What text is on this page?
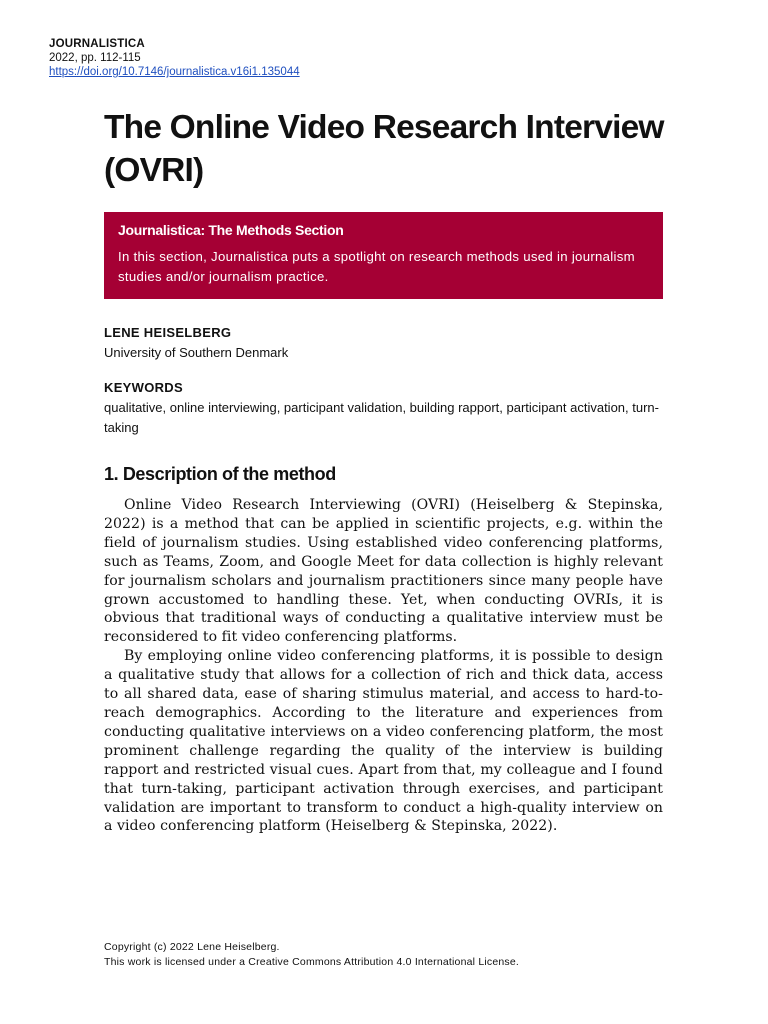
JOURNALISTICA
2022, pp. 112-115
https://doi.org/10.7146/journalistica.v16i1.135044
The Online Video Research Interview (OVRI)
Journalistica: The Methods Section
In this section, Journalistica puts a spotlight on research methods used in journalism studies and/or journalism practice.
LENE HEISELBERG
University of Southern Denmark
KEYWORDS
qualitative, online interviewing, participant validation, building rapport, participant activation, turn-taking
1. Description of the method

Online Video Research Interviewing (OVRI) (Heiselberg & Stepinska, 2022) is a method that can be applied in scientific projects, e.g. within the field of journalism studies. Using established video conferencing platforms, such as Teams, Zoom, and Google Meet for data collection is highly relevant for journalism scholars and journalism practitioners since many people have grown accustomed to handling these. Yet, when conducting OVRIs, it is obvious that traditional ways of conducting a qualitative interview must be reconsidered to fit video conferencing platforms.

By employing online video conferencing platforms, it is possible to design a qualitative study that allows for a collection of rich and thick data, access to all shared data, ease of sharing stimulus material, and access to hard-to-reach demographics. According to the literature and experiences from conducting qualitative interviews on a video conferencing platform, the most prominent challenge regarding the quality of the interview is building rapport and restricted visual cues. Apart from that, my colleague and I found that turn-taking, participant activation through exercises, and participant validation are important to transform to conduct a high-quality interview on a video conferencing platform (Heiselberg & Stepinska, 2022).

Copyright (c) 2022 Lene Heiselberg.
This work is licensed under a Creative Commons Attribution 4.0 International License.
